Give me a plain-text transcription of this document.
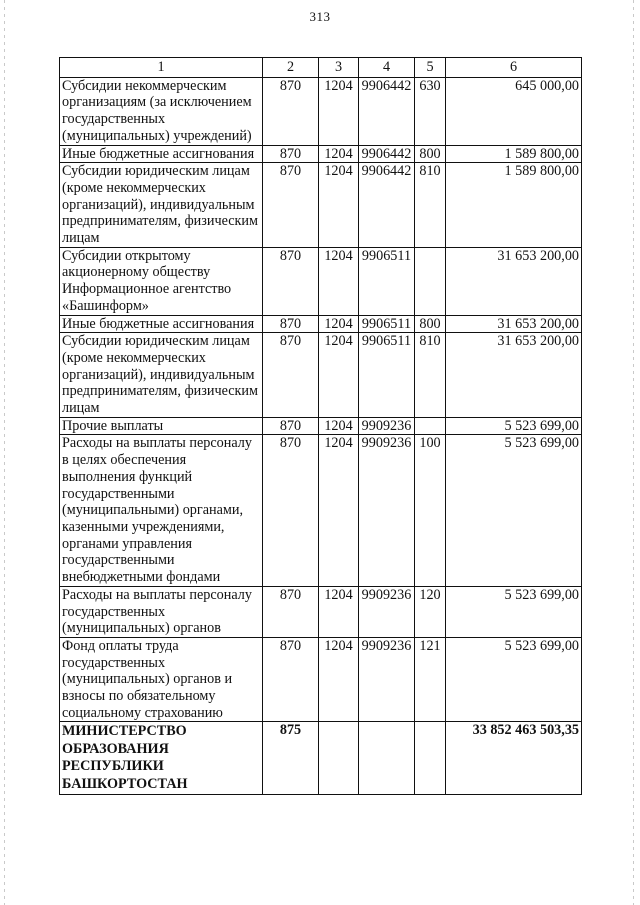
313
1	2	3	4	5	6
Субсидии некоммерческим организациям (за исключением государственных (муниципальных) учреждений)	870	1204	9906442	630	645 000,00
Иные бюджетные ассигнования	870	1204	9906442	800	1 589 800,00
Субсидии юридическим лицам (кроме некоммерческих организаций), индивидуальным предпринимателям, физическим лицам	870	1204	9906442	810	1 589 800,00
Субсидии открытому акционерному обществу Информационное агентство «Башинформ»	870	1204	9906511		31 653 200,00
Иные бюджетные ассигнования	870	1204	9906511	800	31 653 200,00
Субсидии юридическим лицам (кроме некоммерческих организаций), индивидуальным предпринимателям, физическим лицам	870	1204	9906511	810	31 653 200,00
Прочие выплаты	870	1204	9909236		5 523 699,00
Расходы на выплаты персоналу в целях обеспечения выполнения функций государственными (муниципальными) органами, казенными учреждениями, органами управления государственными внебюджетными фондами	870	1204	9909236	100	5 523 699,00
Расходы на выплаты персоналу государственных (муниципальных) органов	870	1204	9909236	120	5 523 699,00
Фонд оплаты труда государственных (муниципальных) органов и взносы по обязательному социальному страхованию	870	1204	9909236	121	5 523 699,00
МИНИСТЕРСТВО ОБРАЗОВАНИЯ РЕСПУБЛИКИ БАШКОРТОСТАН	875				33 852 463 503,35
